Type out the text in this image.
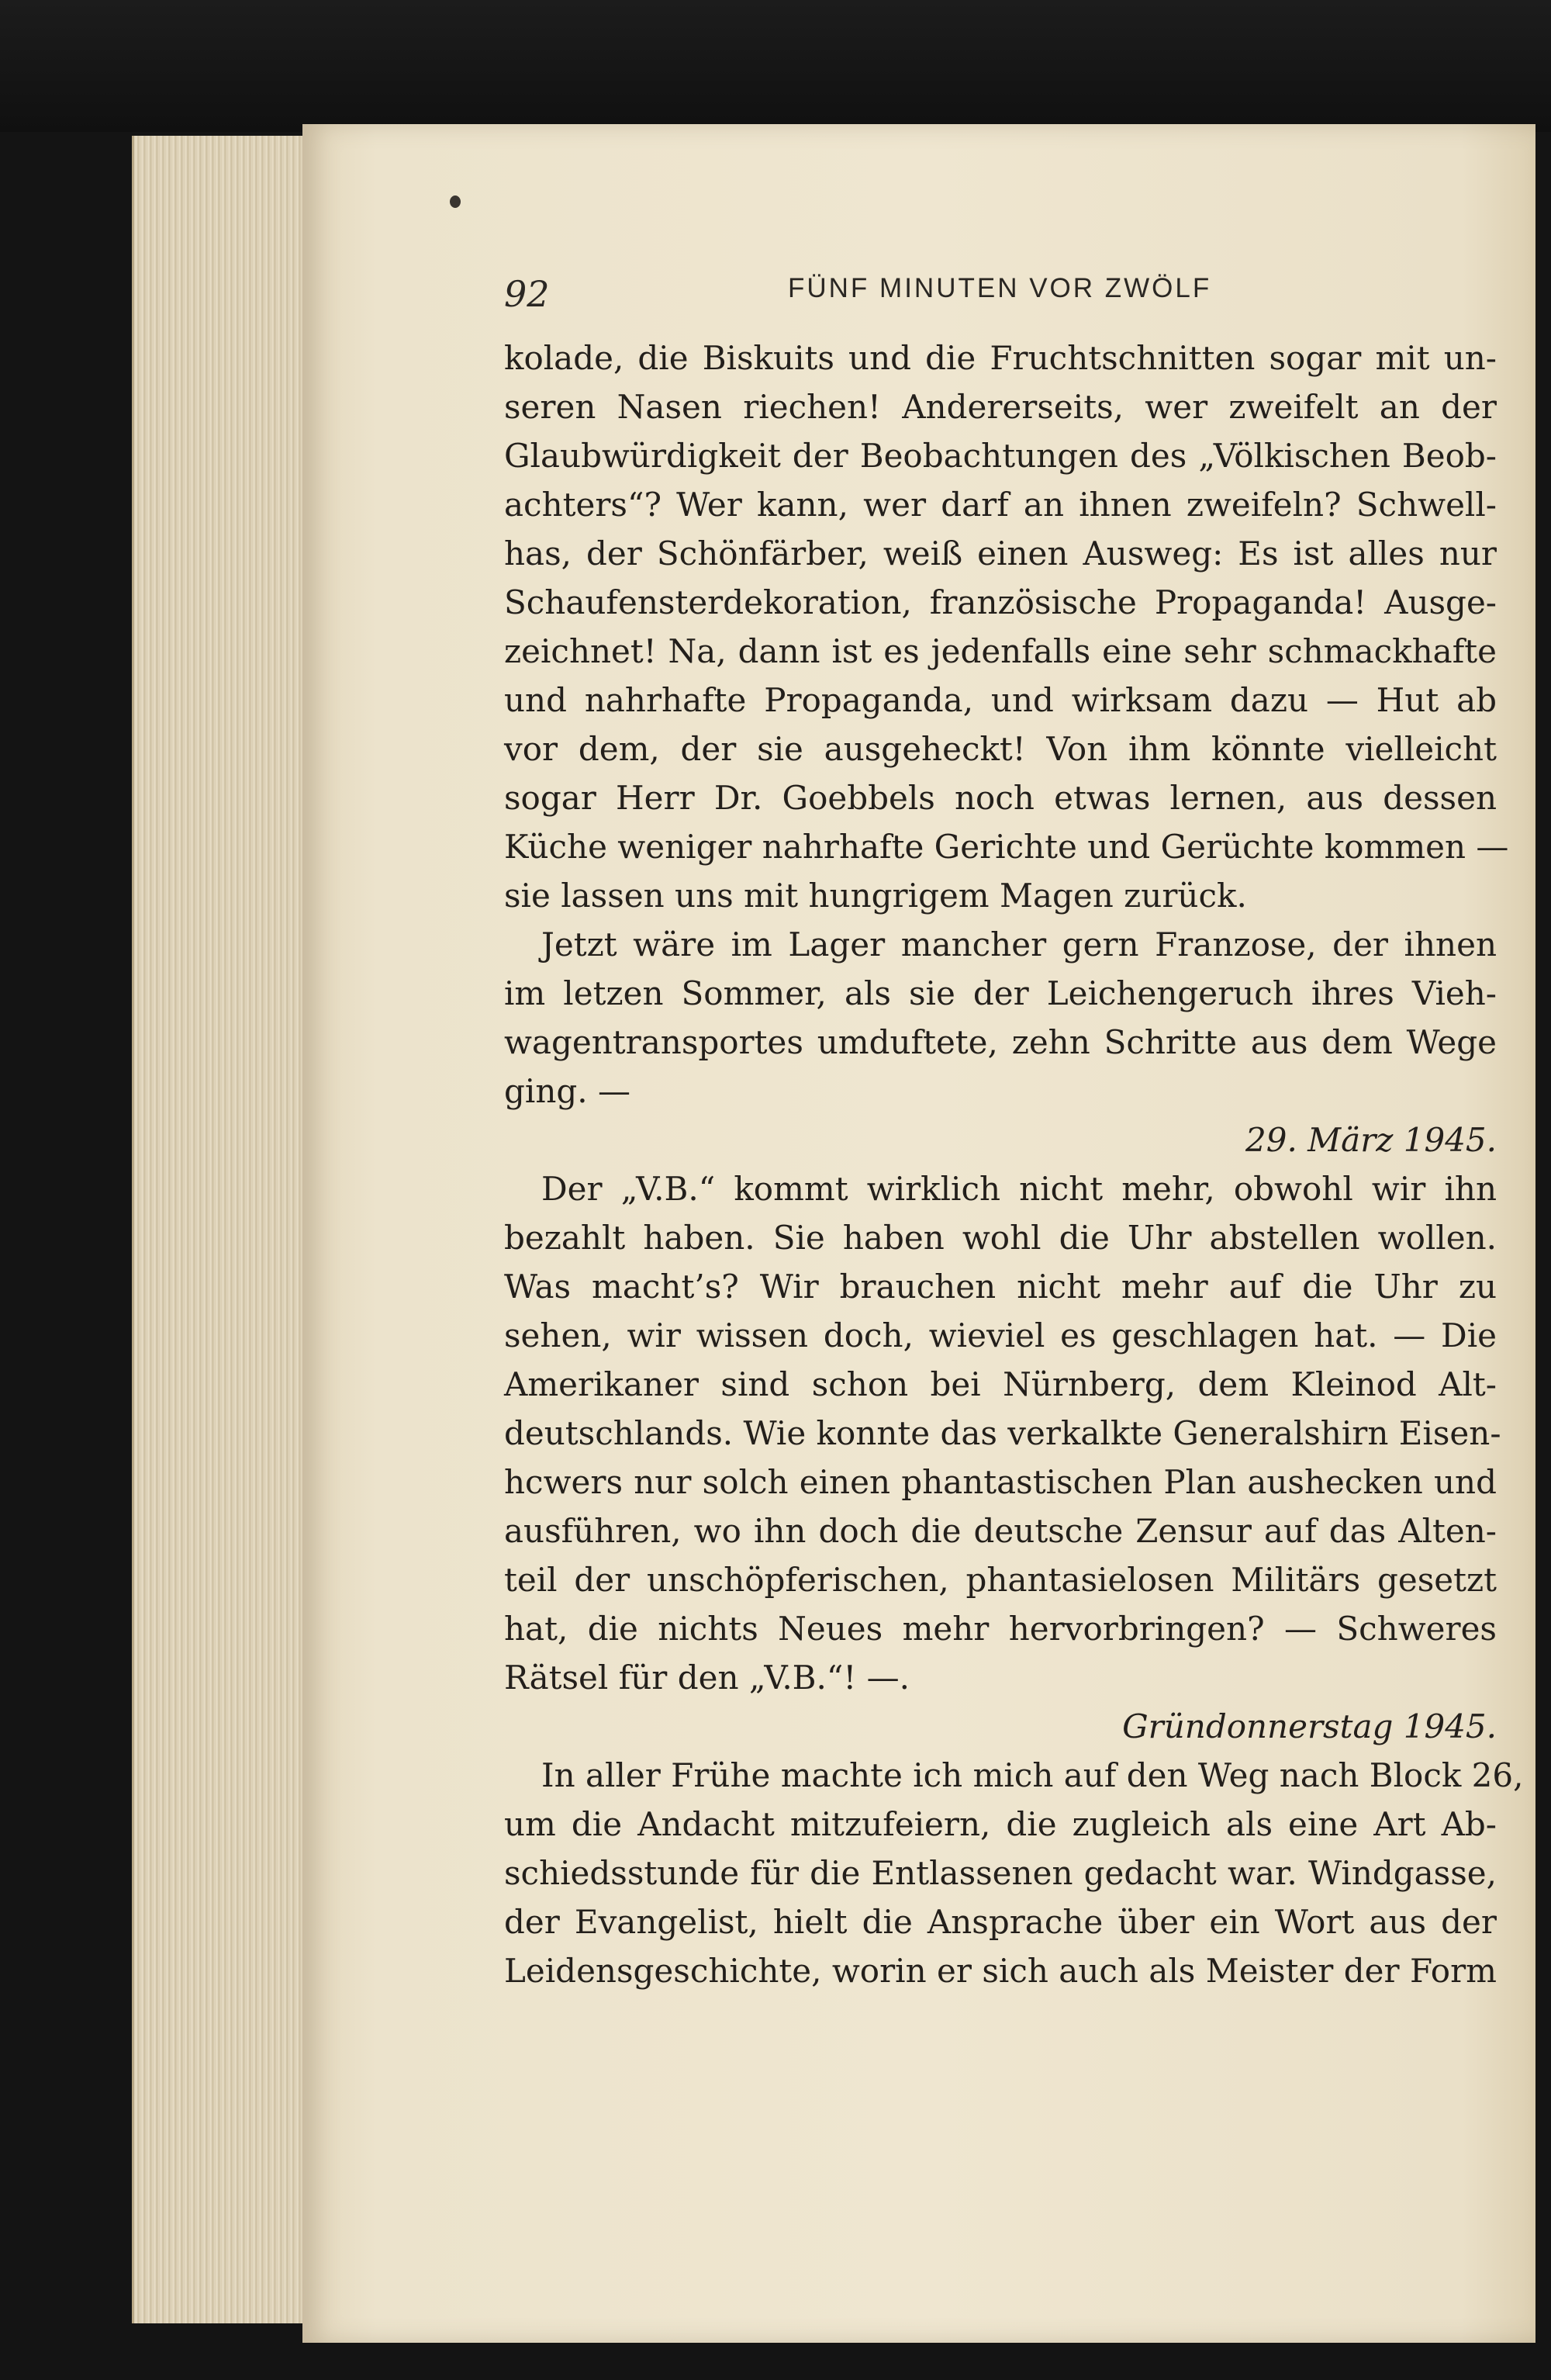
92	FÜNF MINUTEN VOR ZWÖLF
kolade, die Biskuits und die Fruchtschnitten sogar mit un-
seren Nasen riechen! Andererseits, wer zweifelt an der
Glaubwürdigkeit der Beobachtungen des „Völkischen Beob-
achters“? Wer kann, wer darf an ihnen zweifeln? Schwell-
has, der Schönfärber, weiß einen Ausweg: Es ist alles nur
Schaufensterdekoration, französische Propaganda! Ausge-
zeichnet! Na, dann ist es jedenfalls eine sehr schmackhafte
und nahrhafte Propaganda, und wirksam dazu — Hut ab
vor dem, der sie ausgeheckt! Von ihm könnte vielleicht
sogar Herr Dr. Goebbels noch etwas lernen, aus dessen
Küche weniger nahrhafte Gerichte und Gerüchte kommen —
sie lassen uns mit hungrigem Magen zurück.
Jetzt wäre im Lager mancher gern Franzose, der ihnen
im letzen Sommer, als sie der Leichengeruch ihres Vieh-
wagentransportes umduftete, zehn Schritte aus dem Wege
ging. —
29. März 1945.
Der „V.B.“ kommt wirklich nicht mehr, obwohl wir ihn
bezahlt haben. Sie haben wohl die Uhr abstellen wollen.
Was macht’s? Wir brauchen nicht mehr auf die Uhr zu
sehen, wir wissen doch, wieviel es geschlagen hat. — Die
Amerikaner sind schon bei Nürnberg, dem Kleinod Alt-
deutschlands. Wie konnte das verkalkte Generalshirn Eisen-
hcwers nur solch einen phantastischen Plan aushecken und
ausführen, wo ihn doch die deutsche Zensur auf das Alten-
teil der unschöpferischen, phantasielosen Militärs gesetzt
hat, die nichts Neues mehr hervorbringen? — Schweres
Rätsel für den „V.B.“! —.
Gründonnerstag 1945.
In aller Frühe machte ich mich auf den Weg nach Block 26,
um die Andacht mitzufeiern, die zugleich als eine Art Ab-
schiedsstunde für die Entlassenen gedacht war. Windgasse,
der Evangelist, hielt die Ansprache über ein Wort aus der
Leidensgeschichte, worin er sich auch als Meister der Form
